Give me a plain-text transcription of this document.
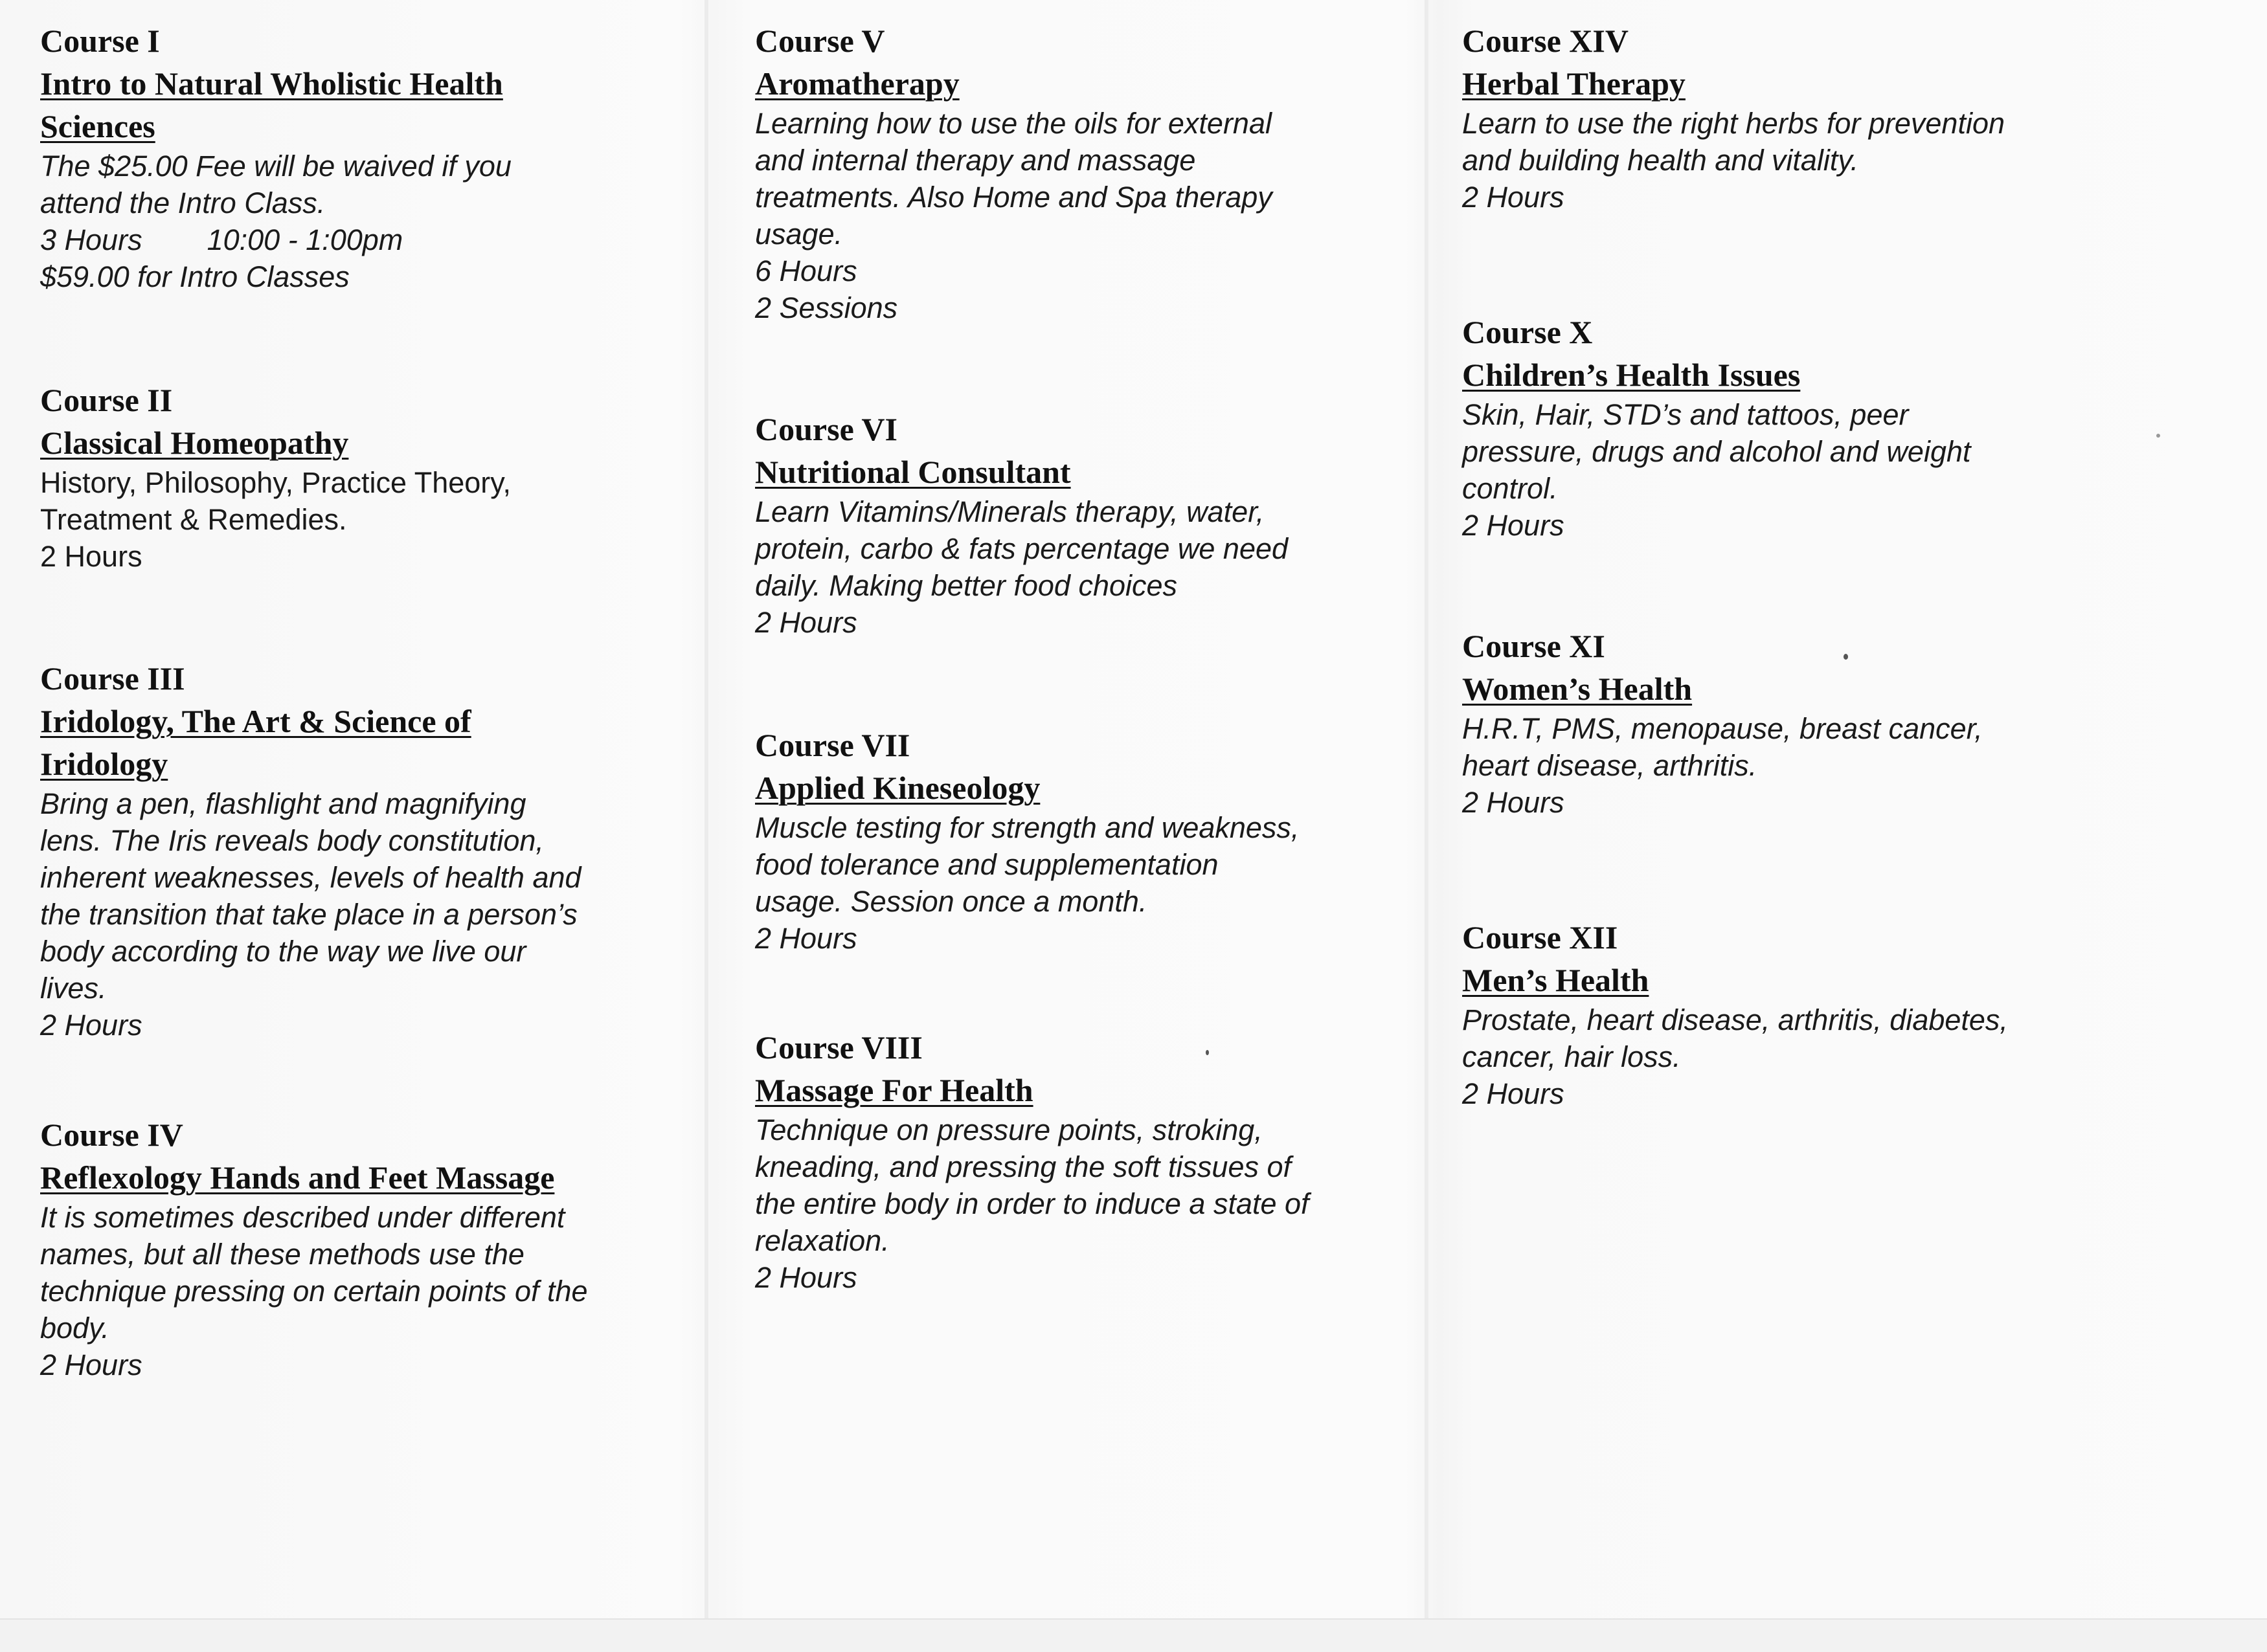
Course I
Intro to Natural Wholistic Health
Sciences
The $25.00 Fee will be waived if you
attend the Intro Class.
3 Hours        10:00 - 1:00pm
$59.00 for Intro Classes
Course II
Classical Homeopathy
History, Philosophy, Practice Theory,
Treatment & Remedies.
2 Hours
Course III
Iridology, The Art & Science of
Iridology
Bring a pen, flashlight and magnifying
lens. The Iris reveals body constitution,
inherent weaknesses, levels of health and
the transition that take place in a person’s
body according to the way we live our
lives.
2 Hours
Course IV
Reflexology Hands and Feet Massage
It is sometimes described under different
names, but all these methods use the
technique pressing on certain points of the
body.
2 Hours
Course V
Aromatherapy
Learning how to use the oils for external
and internal therapy and massage
treatments. Also Home and Spa therapy
usage.
6 Hours
2 Sessions
Course VI
Nutritional Consultant
Learn Vitamins/Minerals therapy, water,
protein, carbo & fats percentage we need
daily. Making better food choices
2 Hours
Course VII
Applied Kineseology
Muscle testing for strength and weakness,
food tolerance and supplementation
usage. Session once a month.
2 Hours
Course VIII
Massage For Health
Technique on pressure points, stroking,
kneading, and pressing the soft tissues of
the entire body in order to induce a state of
relaxation.
2 Hours
Course XIV
Herbal Therapy
Learn to use the right herbs for prevention
and building health and vitality.
2 Hours
Course X
Children’s Health Issues
Skin, Hair, STD’s and tattoos, peer
pressure, drugs and alcohol and weight
control.
2 Hours
Course XI
Women’s Health
H.R.T, PMS, menopause, breast cancer,
heart disease, arthritis.
2 Hours
Course XII
Men’s Health
Prostate, heart disease, arthritis, diabetes,
cancer, hair loss.
2 Hours
